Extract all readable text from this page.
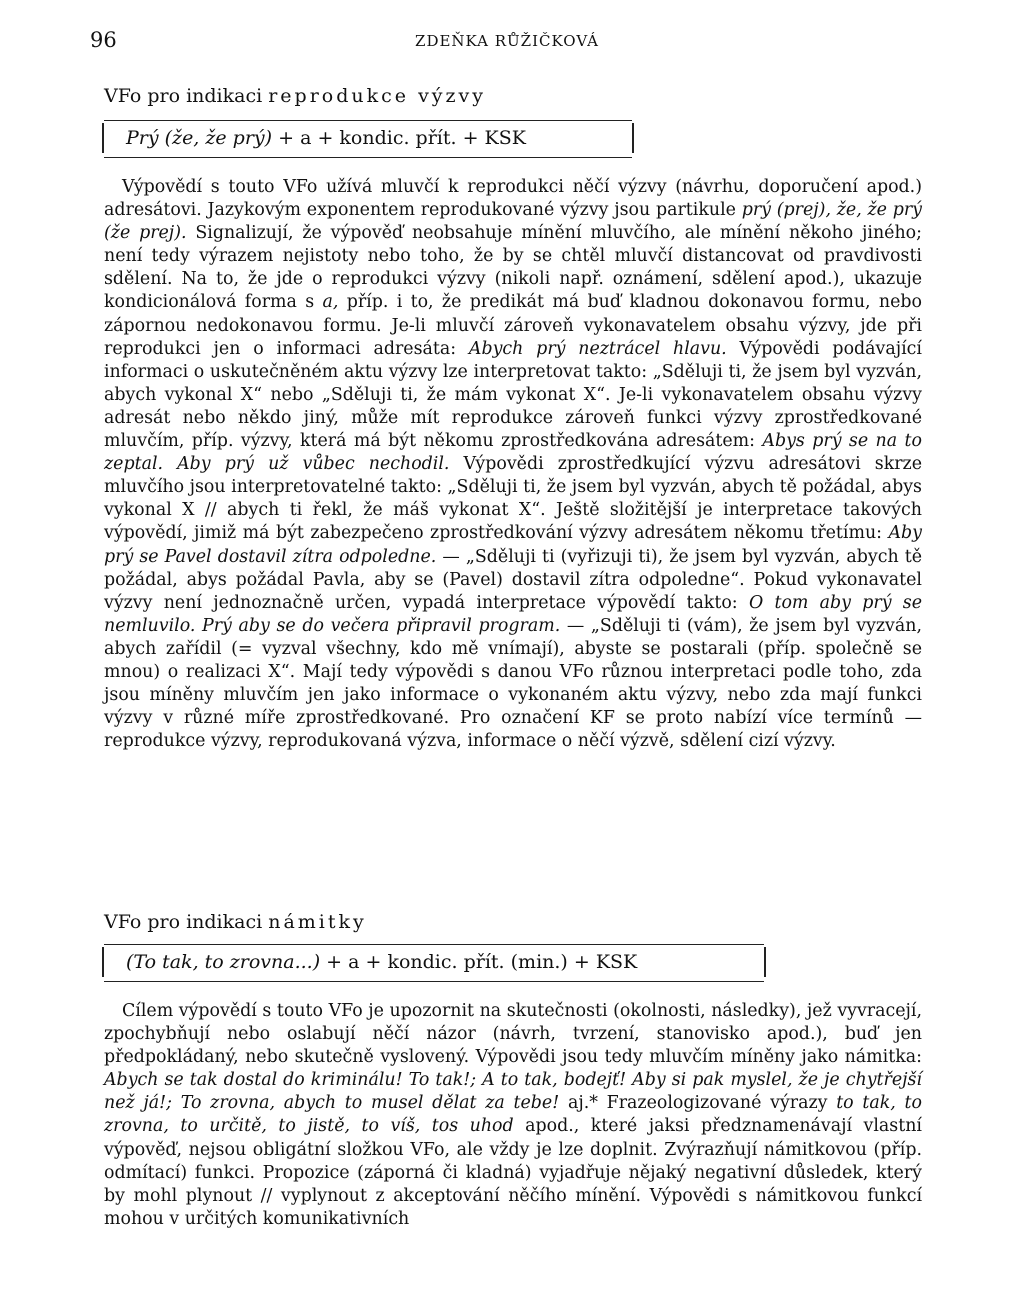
96	ZDEŇKA RŮŽIČKOVÁ
VFo pro indikaci reprodukce výzvy
Prý (že, že prý) + a + kondic. přít. + KSK

Výpovědí s touto VFo užívá mluvčí k reprodukci něčí výzvy (návrhu, doporučení apod.) adresátovi. Jazykovým exponentem reprodukované výzvy jsou partikule prý (prej), že, že prý (že prej). Signalizují, že výpověď neobsahuje mínění mluvčího, ale mínění někoho jiného; není tedy výrazem nejistoty nebo toho, že by se chtěl mluvčí distancovat od pravdivosti sdělení. Na to, že jde o reprodukci výzvy (nikoli např. oznámení, sdělení apod.), ukazuje kondicionálová forma s a, příp. i to, že predikát má buď kladnou dokonavou formu, nebo zápornou nedokonavou formu. Je-li mluvčí zároveň vykonavatelem obsahu výzvy, jde při reprodukci jen o informaci adresáta: Abych prý neztrácel hlavu. Výpovědi podávající informaci o uskutečněném aktu výzvy lze interpretovat takto: „Sděluji ti, že jsem byl vyzván, abych vykonal X“ nebo „Sděluji ti, že mám vykonat X“. Je-li vykonavatelem obsahu výzvy adresát nebo někdo jiný, může mít reprodukce zároveň funkci výzvy zprostředkované mluvčím, příp. výzvy, která má být někomu zprostředkována adresátem: Abys prý se na to zeptal. Aby prý už vůbec nechodil. Výpovědi zprostředkující výzvu adresátovi skrze mluvčího jsou interpretovatelné takto: „Sděluji ti, že jsem byl vyzván, abych tě požádal, abys vykonal X // abych ti řekl, že máš vykonat X“. Ještě složitější je interpretace takových výpovědí, jimiž má být zabezpečeno zprostředkování výzvy adresátem někomu třetímu: Aby prý se Pavel dostavil zítra odpoledne. — „Sděluji ti (vyřizuji ti), že jsem byl vyzván, abych tě požádal, abys požádal Pavla, aby se (Pavel) dostavil zítra odpoledne“. Pokud vykonavatel výzvy není jednoznačně určen, vypadá interpretace výpovědí takto: O tom aby prý se nemluvilo. Prý aby se do večera připravil program. — „Sděluji ti (vám), že jsem byl vyzván, abych zařídil (= vyzval všechny, kdo mě vnímají), abyste se postarali (příp. společně se mnou) o realizaci X“. Mají tedy výpovědi s danou VFo různou interpretaci podle toho, zda jsou míněny mluvčím jen jako informace o vykonaném aktu výzvy, nebo zda mají funkci výzvy v různé míře zprostředkované. Pro označení KF se proto nabízí více termínů — reprodukce výzvy, reprodukovaná výzva, informace o něčí výzvě, sdělení cizí výzvy.

VFo pro indikaci námitky
(To tak, to zrovna...) + a + kondic. přít. (min.) + KSK

Cílem výpovědí s touto VFo je upozornit na skutečnosti (okolnosti, následky), jež vyvracejí, zpochybňují nebo oslabují něčí názor (návrh, tvrzení, stanovisko apod.), buď jen předpokládaný, nebo skutečně vyslovený. Výpovědi jsou tedy mluvčím míněny jako námitka: Abych se tak dostal do kriminálu! To tak!; A to tak, bodejť! Aby si pak myslel, že je chytřejší než já!; To zrovna, abych to musel dělat za tebe! aj.* Frazeologizované výrazy to tak, to zrovna, to určitě, to jistě, to víš, tos uhod apod., které jaksi předznamenávají vlastní výpověď, nejsou obligátní složkou VFo, ale vždy je lze doplnit. Zvýrazňují námitkovou (příp. odmítací) funkci. Propozice (záporná či kladná) vyjadřuje nějaký negativní důsledek, který by mohl plynout // vyplynout z akceptování něčího mínění. Výpovědi s námitkovou funkcí mohou v určitých komunikativních
